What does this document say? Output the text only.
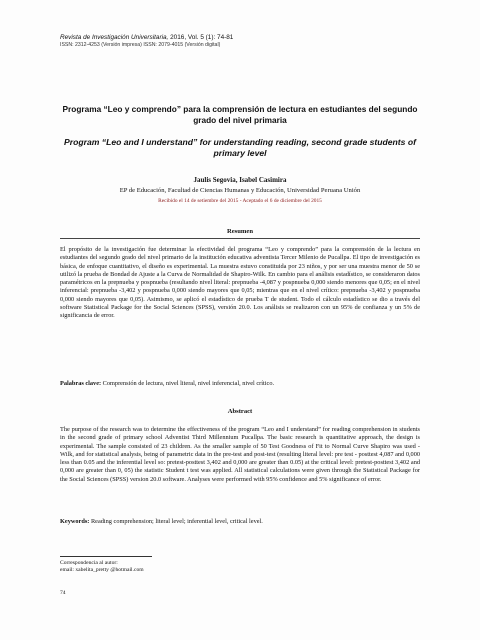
Revista de Investigación Universitaria, 2016, Vol. 5 (1): 74-81
ISSN: 2312-4253 (Versión impresa) ISSN: 2079-4015 (Versión digital)
Programa “Leo y comprendo” para la comprensión de lectura en estudiantes del segundo grado del nivel primaria
Program “Leo and I understand” for understanding reading, second grade students of primary level
Jaulis Segovia, Isabel Casimira
EP de Educación, Facultad de Ciencias Humanas y Educación, Universidad Peruana Unión
Recibido el 14 de setiembre del 2015 - Aceptado el 6 de diciembre del 2015
Resumen
El propósito de la investigación fue determinar la efectividad del programa “Leo y comprendo” para la comprensión de la lectura en estudiantes del segundo grado del nivel primario de la institución educativa adventista Tercer Milenio de Pucallpa. El tipo de investigación es básica, de enfoque cuantitativo, el diseño es experimental. La muestra estuvo constituida por 23 niños, y por ser una muestra menor de 50 se utilizó la prueba de Bondad de Ajuste a la Curva de Normalidad de Shapiro-Wilk. En cambio para el análisis estadístico, se consideraron datos paramétricos en la prepnueba y pospnueba (resultando nivel literal: prepnueba -4,087 y pospnueba 0,000 siendo menores que 0,05; en el nivel inferencial: prepnueba -3,402 y pospnueba 0,000 siendo mayores que 0,05; mientras que en el nivel crítico: prepnueba -3,402 y pospnueba 0,000 siendo mayores que 0,05). Asimismo, se aplicó el estadístico de prueba T de student. Todo el cálculo estadístico se dio a través del software Statistical Package for the Social Sciences (SPSS), versión 20.0. Los análisis se realizaron con un 95% de confianza y un 5% de significancia de error.
Palabras clave: Comprensión de lectura, nivel literal, nivel inferencial, nivel crítico.
Abstract
The purpose of the research was to determine the effectiveness of the program “Leo and I understand” for reading comprehension in students in the second grade of primary school Adventist Third Millennium Pucallpa. The basic research is quantitative approach, the design is experimental. The sample consisted of 23 children. As the smaller sample of 50 Test Goodness of Fit to Normal Curve Shapiro was used - Wilk, and for statistical analysis, being of parametric data in the pre-test and post-test (resulting literal level: pre test - posttest 4,087 and 0,000 less than 0.05 and the inferential level so: pretest-posttest 3,402 and 0,000 are greater than 0.05) at the critical level: pretest-posttest 3,402 and 0,000 are greater than 0, 05) the statistic Student t test was applied. All statistical calculations were given through the Statistical Package for the Social Sciences (SPSS) version 20.0 software. Analyses were performed with 95% confidence and 5% significance of error.
Keywords: Reading comprehension; literal level; inferential level, critical level.
Correspondencia al autor:
email: xabelita_pretty @hotmail.com
74
